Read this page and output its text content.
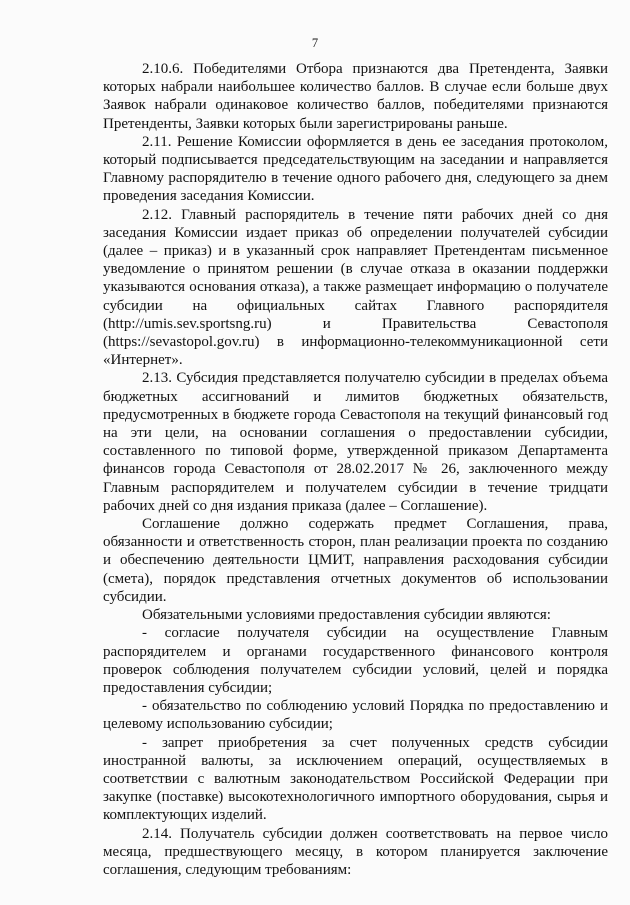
7

2.10.6. Победителями Отбора признаются два Претендента, Заявки которых набрали наибольшее количество баллов. В случае если больше двух Заявок набрали одинаковое количество баллов, победителями признаются Претенденты, Заявки которых были зарегистрированы раньше.

2.11. Решение Комиссии оформляется в день ее заседания протоколом, который подписывается председательствующим на заседании и направляется Главному распорядителю в течение одного рабочего дня, следующего за днем проведения заседания Комиссии.

2.12. Главный распорядитель в течение пяти рабочих дней со дня заседания Комиссии издает приказ об определении получателей субсидии (далее – приказ) и в указанный срок направляет Претендентам письменное уведомление о принятом решении (в случае отказа в оказании поддержки указываются основания отказа), а также размещает информацию о получателе субсидии на официальных сайтах Главного распорядителя (http://umis.sev.sportsng.ru) и Правительства Севастополя (https://sevastopol.gov.ru) в информационно-телекоммуникационной сети «Интернет».

2.13. Субсидия представляется получателю субсидии в пределах объема бюджетных ассигнований и лимитов бюджетных обязательств, предусмотренных в бюджете города Севастополя на текущий финансовый год на эти цели, на основании соглашения о предоставлении субсидии, составленного по типовой форме, утвержденной приказом Департамента финансов города Севастополя от 28.02.2017 № 26, заключенного между Главным распорядителем и получателем субсидии в течение тридцати рабочих дней со дня издания приказа (далее – Соглашение).

Соглашение должно содержать предмет Соглашения, права, обязанности и ответственность сторон, план реализации проекта по созданию и обеспечению деятельности ЦМИТ, направления расходования субсидии (смета), порядок представления отчетных документов об использовании субсидии.

Обязательными условиями предоставления субсидии являются:

- согласие получателя субсидии на осуществление Главным распорядителем и органами государственного финансового контроля проверок соблюдения получателем субсидии условий, целей и порядка предоставления субсидии;

- обязательство по соблюдению условий Порядка по предоставлению и целевому использованию субсидии;

- запрет приобретения за счет полученных средств субсидии иностранной валюты, за исключением операций, осуществляемых в соответствии с валютным законодательством Российской Федерации при закупке (поставке) высокотехнологичного импортного оборудования, сырья и комплектующих изделий.

2.14. Получатель субсидии должен соответствовать на первое число месяца, предшествующего месяцу, в котором планируется заключение соглашения, следующим требованиям:
